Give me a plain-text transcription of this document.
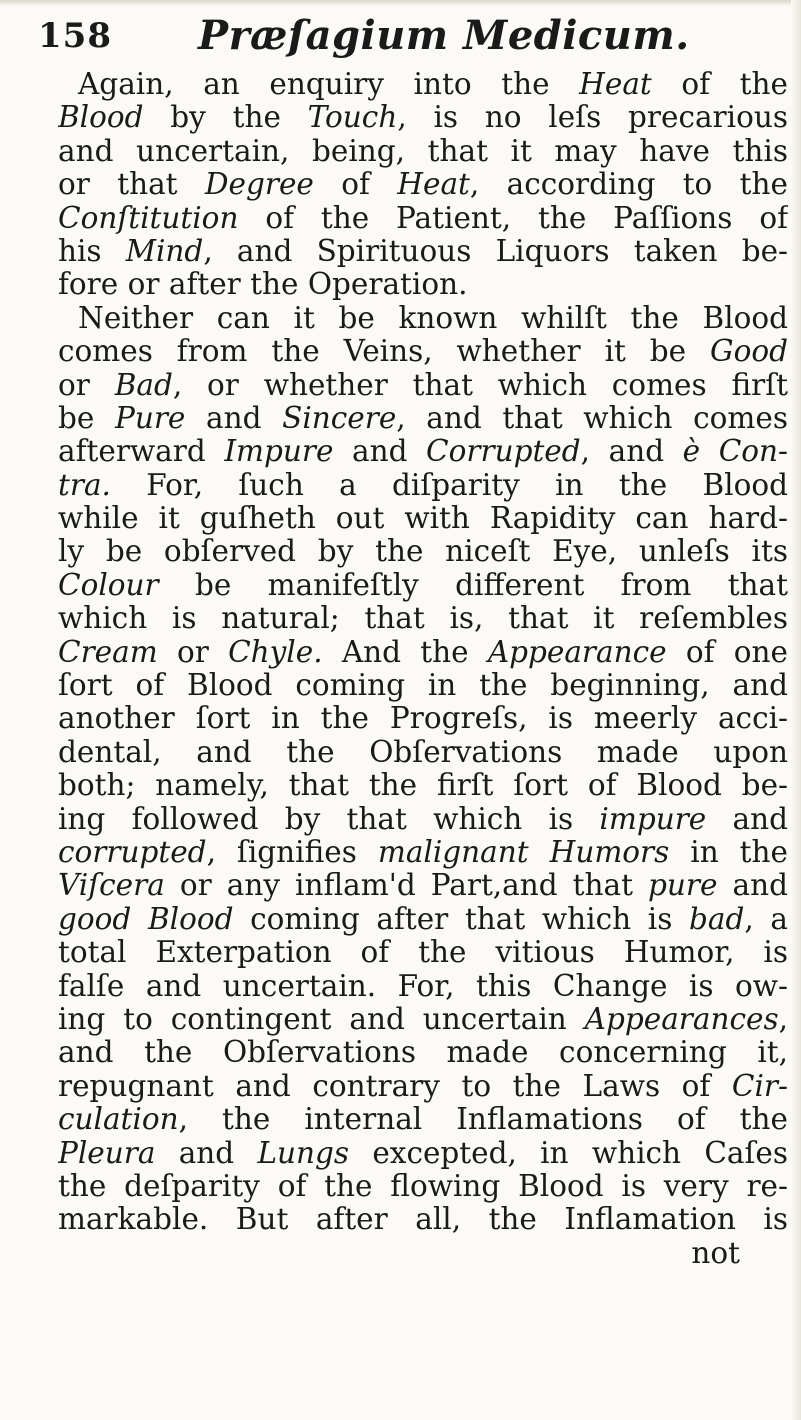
158 Præſagium Medicum.
Again, an enquiry into the Heat of the
Blood by the Touch, is no leſs precarious
and uncertain, being, that it may have this
or that Degree of Heat, according to the
Conſtitution of the Patient, the Paſſions of
his Mind, and Spirituous Liquors taken be-
fore or after the Operation.
Neither can it be known whilſt the Blood
comes from the Veins, whether it be Good
or Bad, or whether that which comes firſt
be Pure and Sincere, and that which comes
afterward Impure and Corrupted, and è Con-
tra. For, ſuch a diſparity in the Blood
while it guſheth out with Rapidity can hard-
ly be obſerved by the niceſt Eye, unleſs its
Colour be manifeſtly different from that
which is natural; that is, that it reſembles
Cream or Chyle. And the Appearance of one
ſort of Blood coming in the beginning, and
another ſort in the Progreſs, is meerly acci-
dental, and the Obſervations made upon
both; namely, that the firſt ſort of Blood be-
ing followed by that which is impure and
corrupted, ſignifies malignant Humors in the
Viſcera or any inflam'd Part,and that pure and
good Blood coming after that which is bad, a
total Exterpation of the vitious Humor, is
falſe and uncertain. For, this Change is ow-
ing to contingent and uncertain Appearances,
and the Obſervations made concerning it,
repugnant and contrary to the Laws of Cir-
culation, the internal Inflamations of the
Pleura and Lungs excepted, in which Caſes
the deſparity of the flowing Blood is very re-
markable. But after all, the Inflamation is
not
